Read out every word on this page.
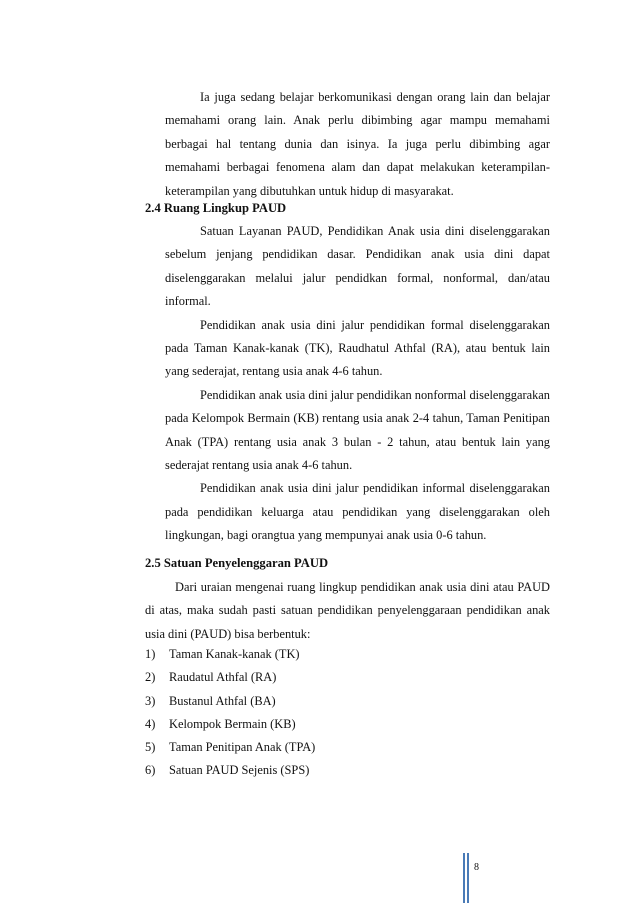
Ia juga sedang belajar berkomunikasi dengan orang lain dan belajar memahami orang lain. Anak perlu dibimbing agar mampu memahami berbagai hal tentang dunia dan isinya. Ia juga perlu dibimbing agar memahami berbagai fenomena alam dan dapat melakukan keterampilan-keterampilan yang dibutuhkan untuk hidup di masyarakat.

2.4 Ruang Lingkup PAUD

Satuan Layanan PAUD, Pendidikan Anak usia dini diselenggarakan sebelum jenjang pendidikan dasar. Pendidikan anak usia dini dapat diselenggarakan melalui jalur pendidkan formal, nonformal, dan/atau informal.

Pendidikan anak usia dini jalur pendidikan formal diselenggarakan pada Taman Kanak-kanak (TK), Raudhatul Athfal (RA), atau bentuk lain yang sederajat, rentang usia anak 4-6 tahun.

Pendidikan anak usia dini jalur pendidikan nonformal diselenggarakan pada Kelompok Bermain (KB) rentang usia anak 2-4 tahun, Taman Penitipan Anak (TPA) rentang usia anak 3 bulan - 2 tahun, atau bentuk lain yang sederajat rentang usia anak 4-6 tahun.

Pendidikan anak usia dini jalur pendidikan informal diselenggarakan pada pendidikan keluarga atau pendidikan yang diselenggarakan oleh lingkungan, bagi orangtua yang mempunyai anak usia 0-6 tahun.

2.5 Satuan Penyelenggaran PAUD

Dari uraian mengenai ruang lingkup pendidikan anak usia dini atau PAUD di atas, maka sudah pasti satuan pendidikan penyelenggaraan pendidikan anak usia dini (PAUD) bisa berbentuk:

1)	Taman Kanak-kanak (TK)
2)	Raudatul Athfal (RA)
3)	Bustanul Athfal (BA)
4)	Kelompok Bermain (KB)
5)	Taman Penitipan Anak (TPA)
6)	Satuan PAUD Sejenis (SPS)
8
